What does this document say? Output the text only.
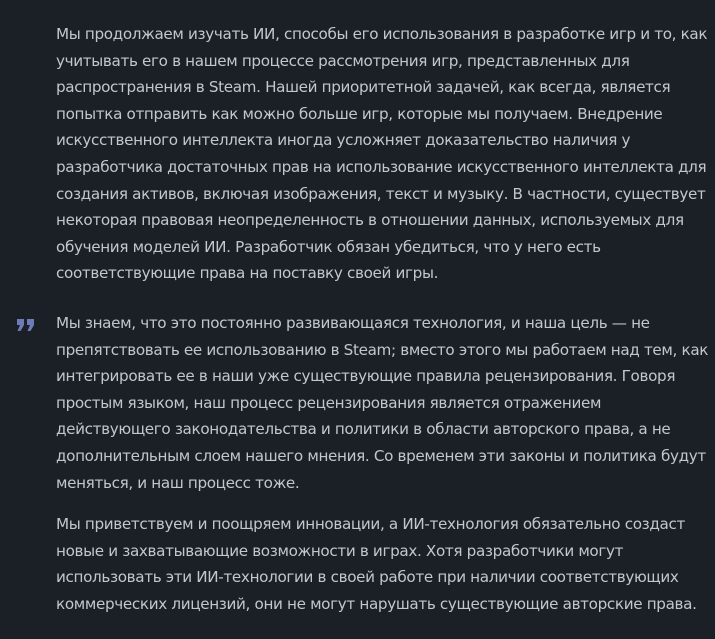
Мы продолжаем изучать ИИ, способы его использования в разработке игр и то, как
учитывать его в нашем процессе рассмотрения игр, представленных для
распространения в Steam. Нашей приоритетной задачей, как всегда, является
попытка отправить как можно больше игр, которые мы получаем. Внедрение
искусственного интеллекта иногда усложняет доказательство наличия у
разработчика достаточных прав на использование искусственного интеллекта для
создания активов, включая изображения, текст и музыку. В частности, существует
некоторая правовая неопределенность в отношении данных, используемых для
обучения моделей ИИ. Разработчик обязан убедиться, что у него есть
соответствующие права на поставку своей игры.
Мы знаем, что это постоянно развивающаяся технология, и наша цель — не
препятствовать ее использованию в Steam; вместо этого мы работаем над тем, как
интегрировать ее в наши уже существующие правила рецензирования. Говоря
простым языком, наш процесс рецензирования является отражением
действующего законодательства и политики в области авторского права, а не
дополнительным слоем нашего мнения. Со временем эти законы и политика будут
меняться, и наш процесс тоже.
Мы приветствуем и поощряем инновации, а ИИ-технология обязательно создаст
новые и захватывающие возможности в играх. Хотя разработчики могут
использовать эти ИИ-технологии в своей работе при наличии соответствующих
коммерческих лицензий, они не могут нарушать существующие авторские права.
